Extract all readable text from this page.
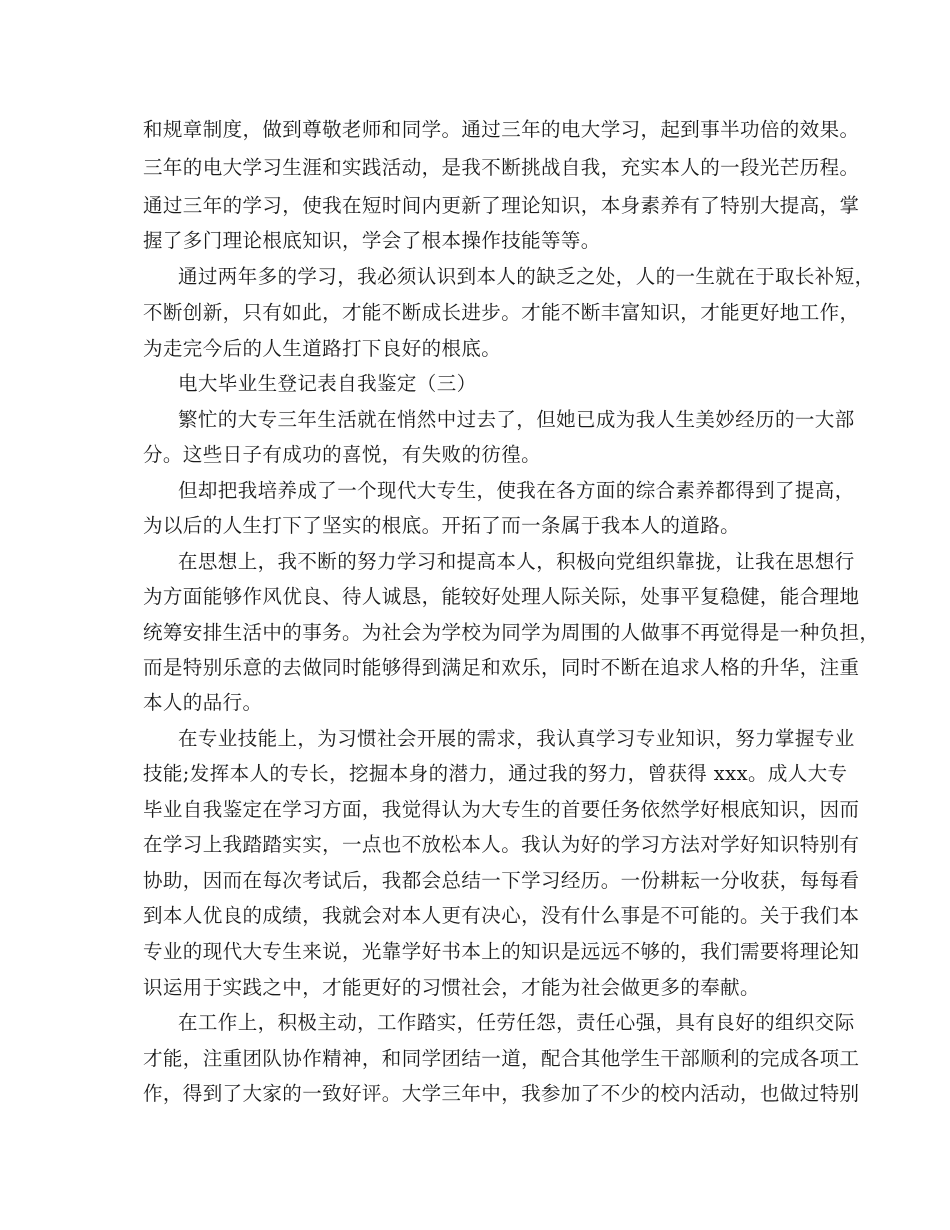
和规章制度，做到尊敬老师和同学。通过三年的电大学习，起到事半功倍的效果。
三年的电大学习生涯和实践活动，是我不断挑战自我，充实本人的一段光芒历程。
通过三年的学习，使我在短时间内更新了理论知识，本身素养有了特别大提高，掌
握了多门理论根底知识，学会了根本操作技能等等。
通过两年多的学习，我必须认识到本人的缺乏之处，人的一生就在于取长补短，
不断创新，只有如此，才能不断成长进步。才能不断丰富知识，才能更好地工作，
为走完今后的人生道路打下良好的根底。
电大毕业生登记表自我鉴定（三）
繁忙的大专三年生活就在悄然中过去了，但她已成为我人生美妙经历的一大部
分。这些日子有成功的喜悦，有失败的彷徨。
但却把我培养成了一个现代大专生，使我在各方面的综合素养都得到了提高，
为以后的人生打下了坚实的根底。开拓了而一条属于我本人的道路。
在思想上，我不断的努力学习和提高本人，积极向党组织靠拢，让我在思想行
为方面能够作风优良、待人诚恳，能较好处理人际关际，处事平复稳健，能合理地
统筹安排生活中的事务。为社会为学校为同学为周围的人做事不再觉得是一种负担，
而是特别乐意的去做同时能够得到满足和欢乐，同时不断在追求人格的升华，注重
本人的品行。
在专业技能上，为习惯社会开展的需求，我认真学习专业知识，努力掌握专业
技能;发挥本人的专长，挖掘本身的潜力，通过我的努力，曾获得 xxx。成人大专
毕业自我鉴定在学习方面，我觉得认为大专生的首要任务依然学好根底知识，因而
在学习上我踏踏实实，一点也不放松本人。我认为好的学习方法对学好知识特别有
协助，因而在每次考试后，我都会总结一下学习经历。一份耕耘一分收获，每每看
到本人优良的成绩，我就会对本人更有决心，没有什么事是不可能的。关于我们本
专业的现代大专生来说，光靠学好书本上的知识是远远不够的，我们需要将理论知
识运用于实践之中，才能更好的习惯社会，才能为社会做更多的奉献。
在工作上，积极主动，工作踏实，任劳任怨，责任心强，具有良好的组织交际
才能，注重团队协作精神，和同学团结一道，配合其他学生干部顺利的完成各项工
作，得到了大家的一致好评。大学三年中，我参加了不少的校内活动，也做过特别
